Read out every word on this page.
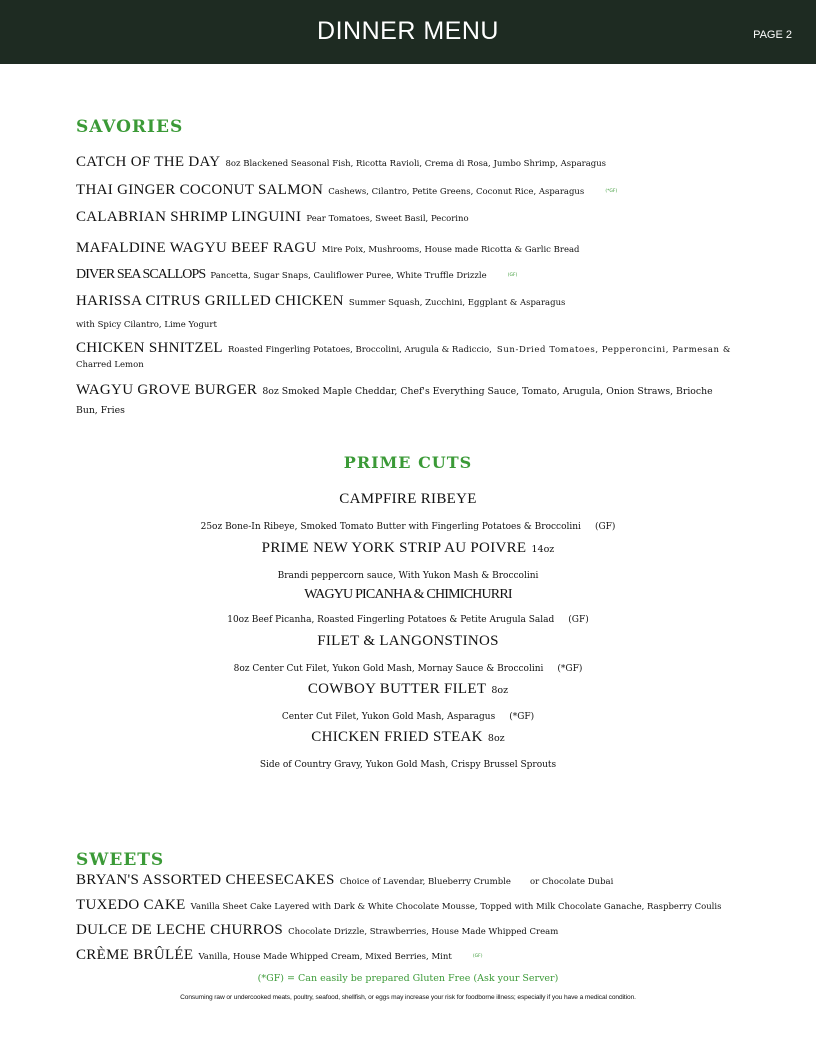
DINNER MENU	PAGE 2
SAVORIES
CATCH OF THE DAY 8oz Blackened Seasonal Fish, Ricotta Ravioli, Crema di Rosa, Jumbo Shrimp, Asparagus
THAI GINGER COCONUT SALMON Cashews, Cilantro, Petite Greens, Coconut Rice, Asparagus	(*GF)
CALABRIAN SHRIMP LINGUINI Pear Tomatoes, Sweet Basil, Pecorino
MAFALDINE WAGYU BEEF RAGU Mire Poix, Mushrooms, House made Ricotta & Garlic Bread
DIVER SEA SCALLOPS Pancetta, Sugar Snaps, Cauliflower Puree, White Truffle Drizzle	(GF)
HARISSA CITRUS GRILLED CHICKEN Summer Squash, Zucchini, Eggplant & Asparagus
with Spicy Cilantro, Lime Yogurt
CHICKEN SHNITZEL Roasted Fingerling Potatoes, Broccolini, Arugula & Radiccio, Sun-Dried Tomatoes, Pepperoncini, Parmesan & Charred Lemon
WAGYU GROVE BURGER 8oz Smoked Maple Cheddar, Chef's Everything Sauce, Tomato, Arugula, Onion Straws, Brioche Bun, Fries
PRIME CUTS
CAMPFIRE RIBEYE
25oz Bone-In Ribeye, Smoked Tomato Butter with Fingerling Potatoes & Broccolini (GF)
PRIME NEW YORK STRIP AU POIVRE 14oz
Brandi peppercorn sauce, With Yukon Mash & Broccolini
WAGYU PICANHA & CHIMICHURRI
10oz Beef Picanha, Roasted Fingerling Potatoes & Petite Arugula Salad (GF)
FILET & LANGONSTINOS
8oz Center Cut Filet, Yukon Gold Mash, Mornay Sauce & Broccolini (*GF)
COWBOY BUTTER FILET 8oz
Center Cut Filet, Yukon Gold Mash, Asparagus (*GF)
CHICKEN FRIED STEAK 8oz
Side of Country Gravy, Yukon Gold Mash, Crispy Brussel Sprouts
SWEETS
BRYAN'S ASSORTED CHEESECAKES Choice of Lavendar, Blueberry Crumble or Chocolate Dubai
TUXEDO CAKE Vanilla Sheet Cake Layered with Dark & White Chocolate Mousse, Topped with Milk Chocolate Ganache, Raspberry Coulis
DULCE DE LECHE CHURROS Chocolate Drizzle, Strawberries, House Made Whipped Cream
CRÈME BRÛLÉE Vanilla, House Made Whipped Cream, Mixed Berries, Mint	(GF)
(*GF) = Can easily be prepared Gluten Free (Ask your Server)
Consuming raw or undercooked meats, poultry, seafood, shellfish, or eggs may increase your risk for foodborne illness; especially if you have a medical condition.
